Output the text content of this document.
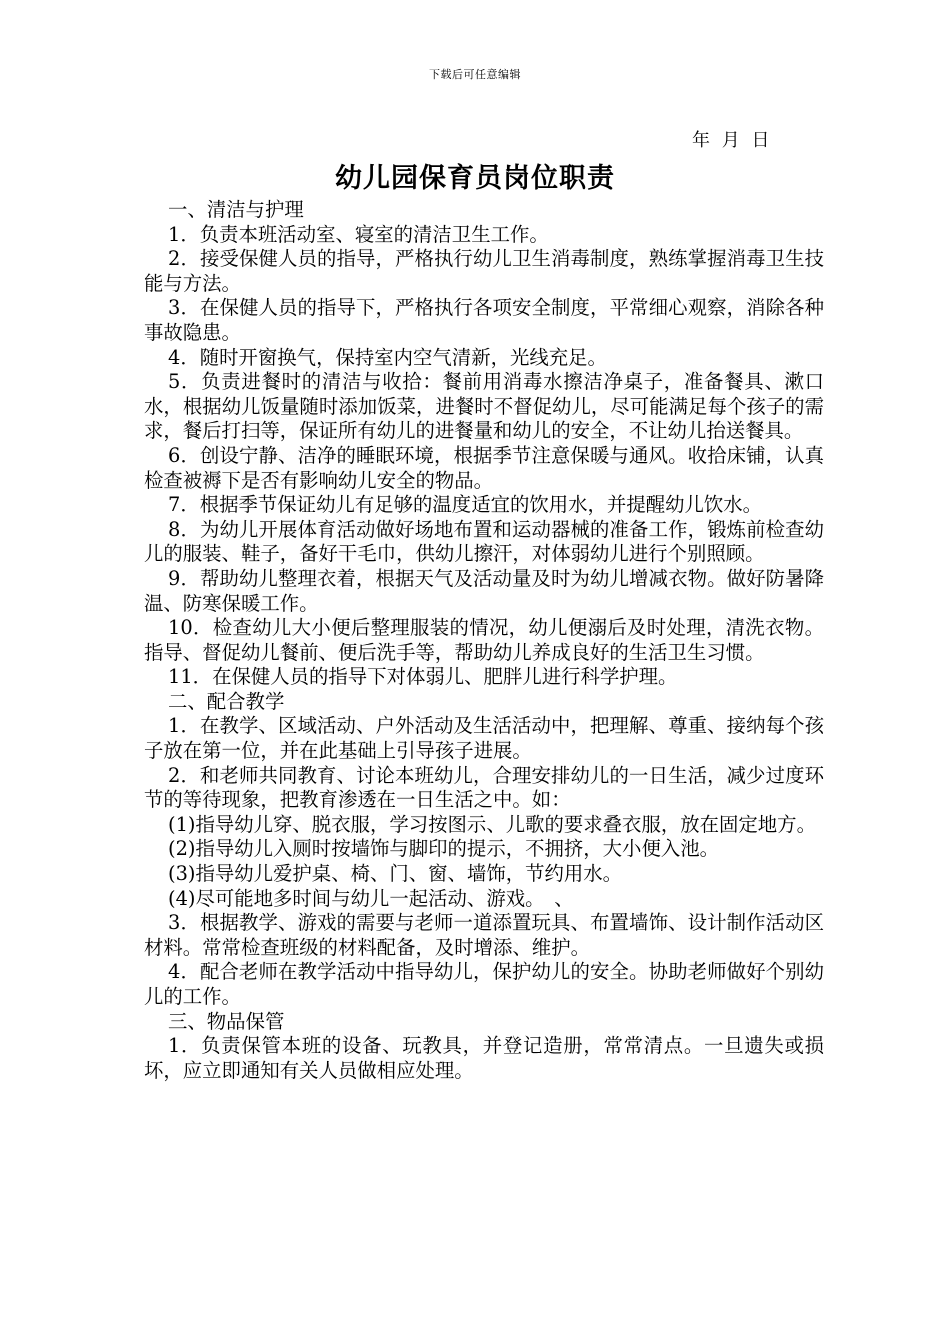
下载后可任意编辑
年 月 日
幼儿园保育员岗位职责

一、清洁与护理

1．负责本班活动室、寝室的清洁卫生工作。

2．接受保健人员的指导，严格执行幼儿卫生消毒制度，熟练掌握消毒卫生技能与方法。

3．在保健人员的指导下，严格执行各项安全制度，平常细心观察，消除各种事故隐患。

4．随时开窗换气，保持室内空气清新，光线充足。

5．负责进餐时的清洁与收拾：餐前用消毒水擦洁净桌子，准备餐具、漱口水，根据幼儿饭量随时添加饭菜，进餐时不督促幼儿，尽可能满足每个孩子的需求，餐后打扫等，保证所有幼儿的进餐量和幼儿的安全，不让幼儿抬送餐具。

6．创设宁静、洁净的睡眠环境，根据季节注意保暖与通风。收拾床铺，认真检查被褥下是否有影响幼儿安全的物品。

7．根据季节保证幼儿有足够的温度适宜的饮用水，并提醒幼儿饮水。

8．为幼儿开展体育活动做好场地布置和运动器械的准备工作，锻炼前检查幼儿的服装、鞋子，备好干毛巾，供幼儿擦汗，对体弱幼儿进行个别照顾。

9．帮助幼儿整理衣着，根据天气及活动量及时为幼儿增减衣物。做好防暑降温、防寒保暖工作。

10．检查幼儿大小便后整理服装的情况，幼儿便溺后及时处理，清洗衣物。指导、督促幼儿餐前、便后洗手等，帮助幼儿养成良好的生活卫生习惯。

11．在保健人员的指导下对体弱儿、肥胖儿进行科学护理。

二、配合教学

1．在教学、区域活动、户外活动及生活活动中，把理解、尊重、接纳每个孩子放在第一位，并在此基础上引导孩子进展。

2．和老师共同教育、讨论本班幼儿，合理安排幼儿的一日生活，减少过度环节的等待现象，把教育渗透在一日生活之中。如：

(1)指导幼儿穿、脱衣服，学习按图示、儿歌的要求叠衣服，放在固定地方。

(2)指导幼儿入厕时按墙饰与脚印的提示，不拥挤，大小便入池。

(3)指导幼儿爱护桌、椅、门、窗、墙饰，节约用水。

(4)尽可能地多时间与幼儿一起活动、游戏。　、

3．根据教学、游戏的需要与老师一道添置玩具、布置墙饰、设计制作活动区材料。常常检查班级的材料配备，及时增添、维护。

4．配合老师在教学活动中指导幼儿，保护幼儿的安全。协助老师做好个别幼儿的工作。

三、物品保管

1．负责保管本班的设备、玩教具，并登记造册，常常清点。一旦遗失或损坏，应立即通知有关人员做相应处理。
